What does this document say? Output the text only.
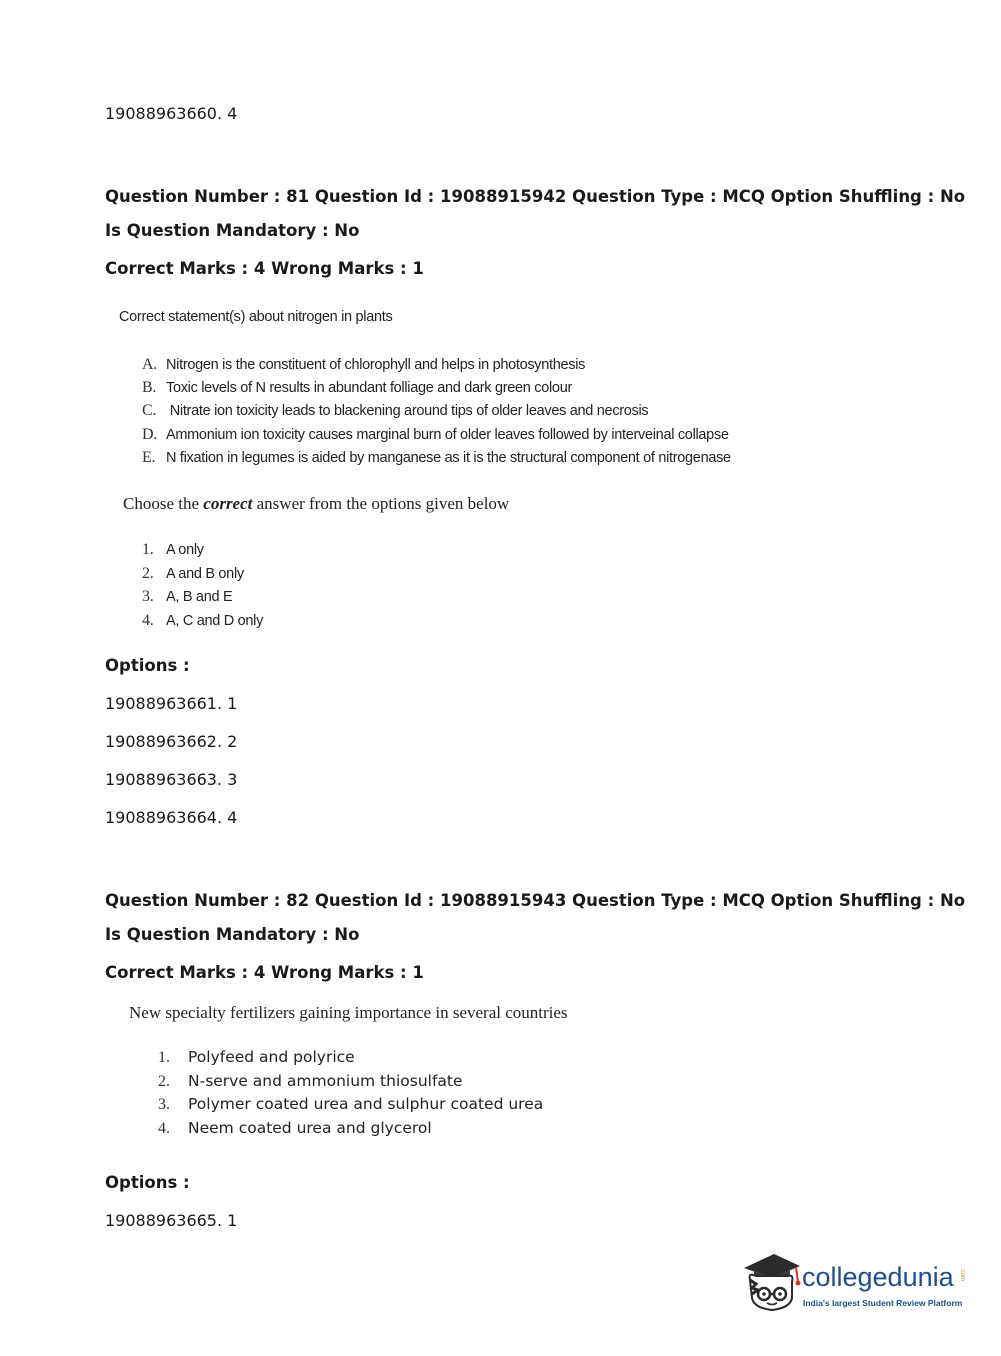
19088963660. 4
Question Number : 81 Question Id : 19088915942 Question Type : MCQ Option Shuffling : No
Is Question Mandatory : No
Correct Marks : 4 Wrong Marks : 1
Correct statement(s) about nitrogen in plants
A. Nitrogen is the constituent of chlorophyll and helps in photosynthesis
B. Toxic levels of N results in abundant folliage and dark green colour
C. Nitrate ion toxicity leads to blackening around tips of older leaves and necrosis
D. Ammonium ion toxicity causes marginal burn of older leaves followed by interveinal collapse
E. N fixation in legumes is aided by manganese as it is the structural component of nitrogenase
Choose the correct answer from the options given below
1. A only
2. A and B only
3. A, B and E
4. A, C and D only
Options :
19088963661. 1
19088963662. 2
19088963663. 3
19088963664. 4
Question Number : 82 Question Id : 19088915943 Question Type : MCQ Option Shuffling : No
Is Question Mandatory : No
Correct Marks : 4 Wrong Marks : 1
New specialty fertilizers gaining importance in several countries
1. Polyfeed and polyrice
2. N-serve and ammonium thiosulfate
3. Polymer coated urea and sulphur coated urea
4. Neem coated urea and glycerol
Options :
19088963665. 1
collegedunia .com
India's largest Student Review Platform
